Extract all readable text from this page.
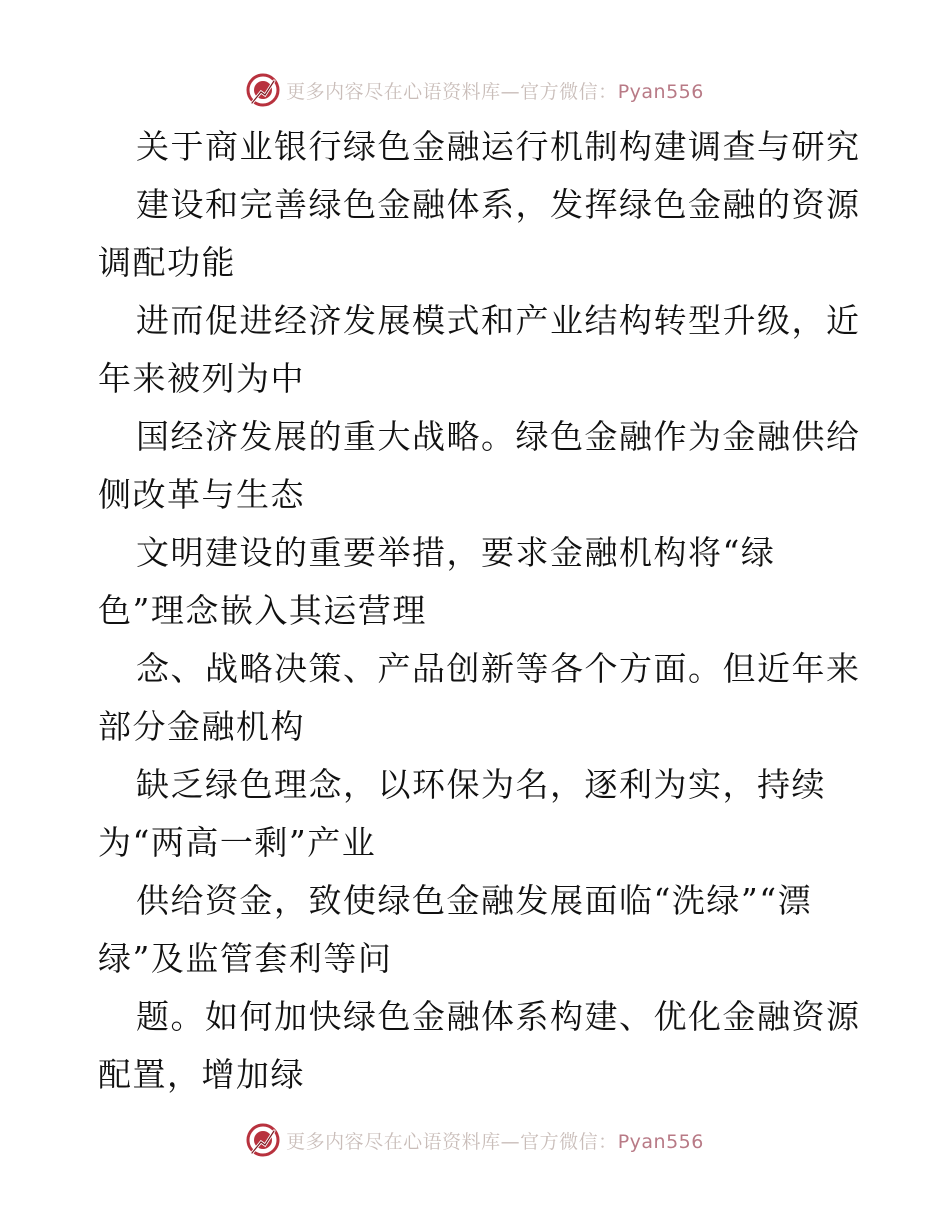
更多内容尽在心语资料库—官方微信：Pyan556
关于商业银行绿色金融运行机制构建调查与研究
建设和完善绿色金融体系，发挥绿色金融的资源
调配功能
进而促进经济发展模式和产业结构转型升级，近
年来被列为中
国经济发展的重大战略。绿色金融作为金融供给
侧改革与生态
文明建设的重要举措，要求金融机构将“绿
色”理念嵌入其运营理
念、战略决策、产品创新等各个方面。但近年来
部分金融机构
缺乏绿色理念，以环保为名，逐利为实，持续
为“两高一剩”产业
供给资金，致使绿色金融发展面临“洗绿”“漂
绿”及监管套利等问
题。如何加快绿色金融体系构建、优化金融资源
配置，增加绿
更多内容尽在心语资料库—官方微信：Pyan556
